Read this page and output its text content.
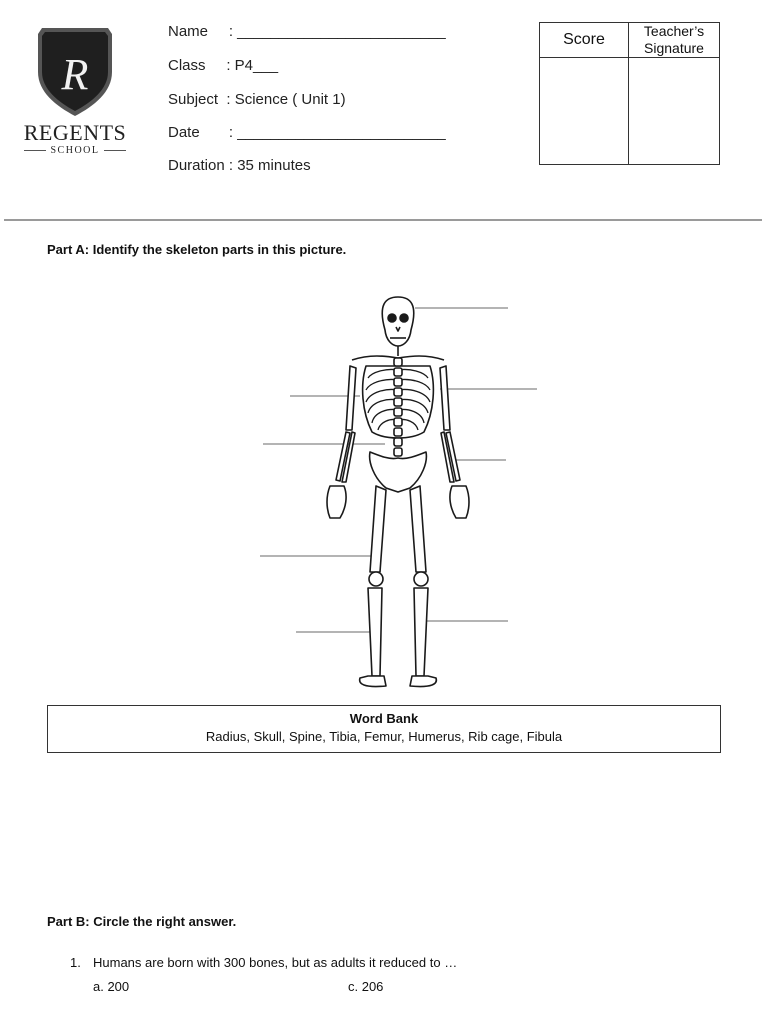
R
REGENTS
SCHOOL
Name     : _________________________
Class     : P4___
Subject  : Science ( Unit 1)
Date       : _________________________
Duration : 35 minutes
Score	Teacher’s
Signature
Part A: Identify the skeleton parts in this picture.
Word Bank
Radius, Skull, Spine, Tibia, Femur, Humerus, Rib cage, Fibula
Part B: Circle the right answer.
1. Humans are born with 300 bones, but as adults it reduced to …
a. 200	c. 206
